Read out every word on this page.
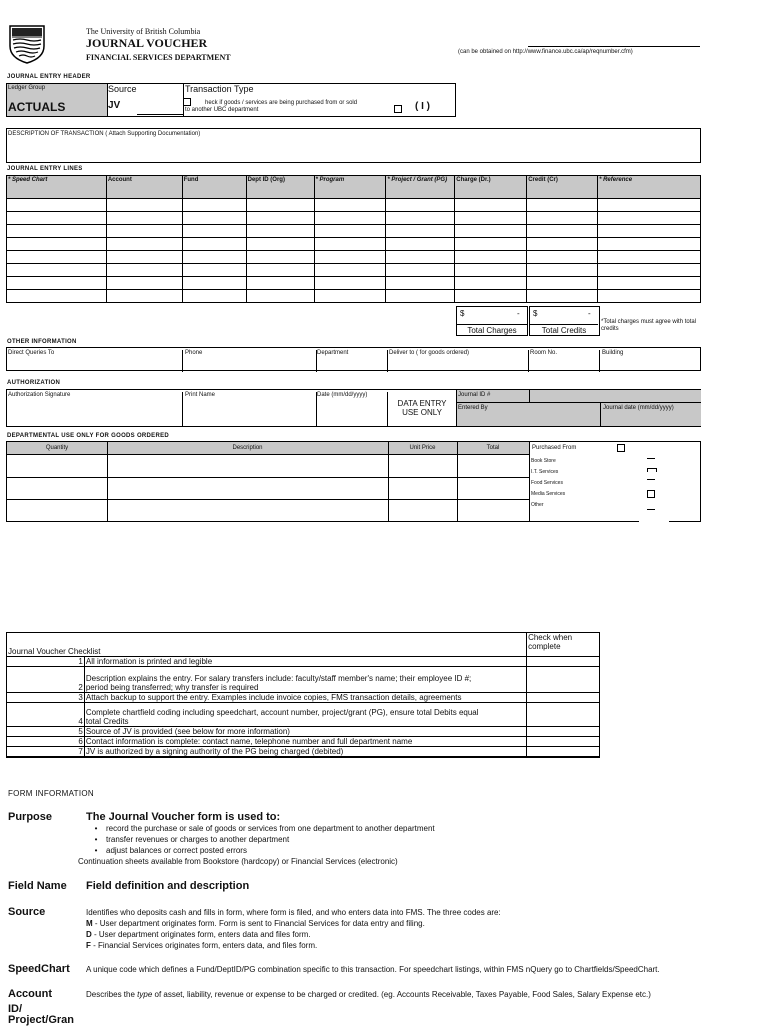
The University of British Columbia
JOURNAL VOUCHER
FINANCIAL SERVICES DEPARTMENT
(can be obtained on http://www.finance.ubc.ca/ap/reqnumber.cfm)
JOURNAL ENTRY HEADER
Ledger Group
ACTUALS
Source
JV
Transaction Type
heck if goods / services are being purchased from or sold
to another UBC department	( I )
DESCRIPTION OF TRANSACTION ( Attach Supporting Documentation)
JOURNAL ENTRY LINES
* Speed Chart	Account	Fund	Dept ID (Org)	* Program	* Project / Grant (PG)	Charge (Dr.)	Credit (Cr)	* Reference

$	-
Total Charges
$	-
Total Credits
*Total charges must agree with total credits
OTHER INFORMATION
Direct Queries To	Phone	Department	Deliver to ( for goods ordered)	Room No.	Building
AUTHORIZATION
Authorization Signature	Print Name	Date (mm/dd/yyyy)
DATA ENTRY
USE ONLY
Journal ID #
Entered By	Journal date (mm/dd/yyyy)
DEPARTMENTAL USE ONLY FOR GOODS ORDERED
Quantity	Description	Unit Price	Total	Purchased From
Book Store
I.T. Services
Food Services
Media Services
Other
Journal Voucher Checklist		Check when
complete

1	All information is printed and legible	
2	Description explains the entry. For salary transfers include: faculty/staff member's name; their employee ID #;
period being transferred; why transfer is required	

3	Attach backup to support the entry. Examples include invoice copies, FMS transaction details, agreements	
4	Complete chartfield coding including speedchart, account number, project/grant (PG), ensure total Debits equal
total Credits	

5	Source of JV is provided (see below for more information)	
6	Contact information is complete: contact name, telephone number and full department name	
7	JV is authorized by a signing authority of the PG being charged (debited)	
FORM INFORMATION
Purpose	The Journal Voucher form is used to:
• record the purchase or sale of goods or services from one department to another department
• transfer revenues or charges to another department
• adjust balances or correct posted errors
Continuation sheets available from Bookstore (hardcopy) or Financial Services (electronic)
Field Name Field definition and description
Source	Identifies who deposits cash and fills in form, where form is filed, and who enters data into FMS. The three codes are:
M - User department originates form. Form is sent to Financial Services for data entry and filing.
D - User department originates form, enters data and files form.
F - Financial Services originates form, enters data, and files form.
SpeedChart A unique code which defines a Fund/DeptID/PG combination specific to this transaction. For speedchart listings, within FMS nQuery go to Chartfields/SpeedChart.
Account	Describes the type of asset, liability, revenue or expense to be charged or credited. (eg. Accounts Receivable, Taxes Payable, Food Sales, Salary Expense etc.)
ID/
Project/Gran
